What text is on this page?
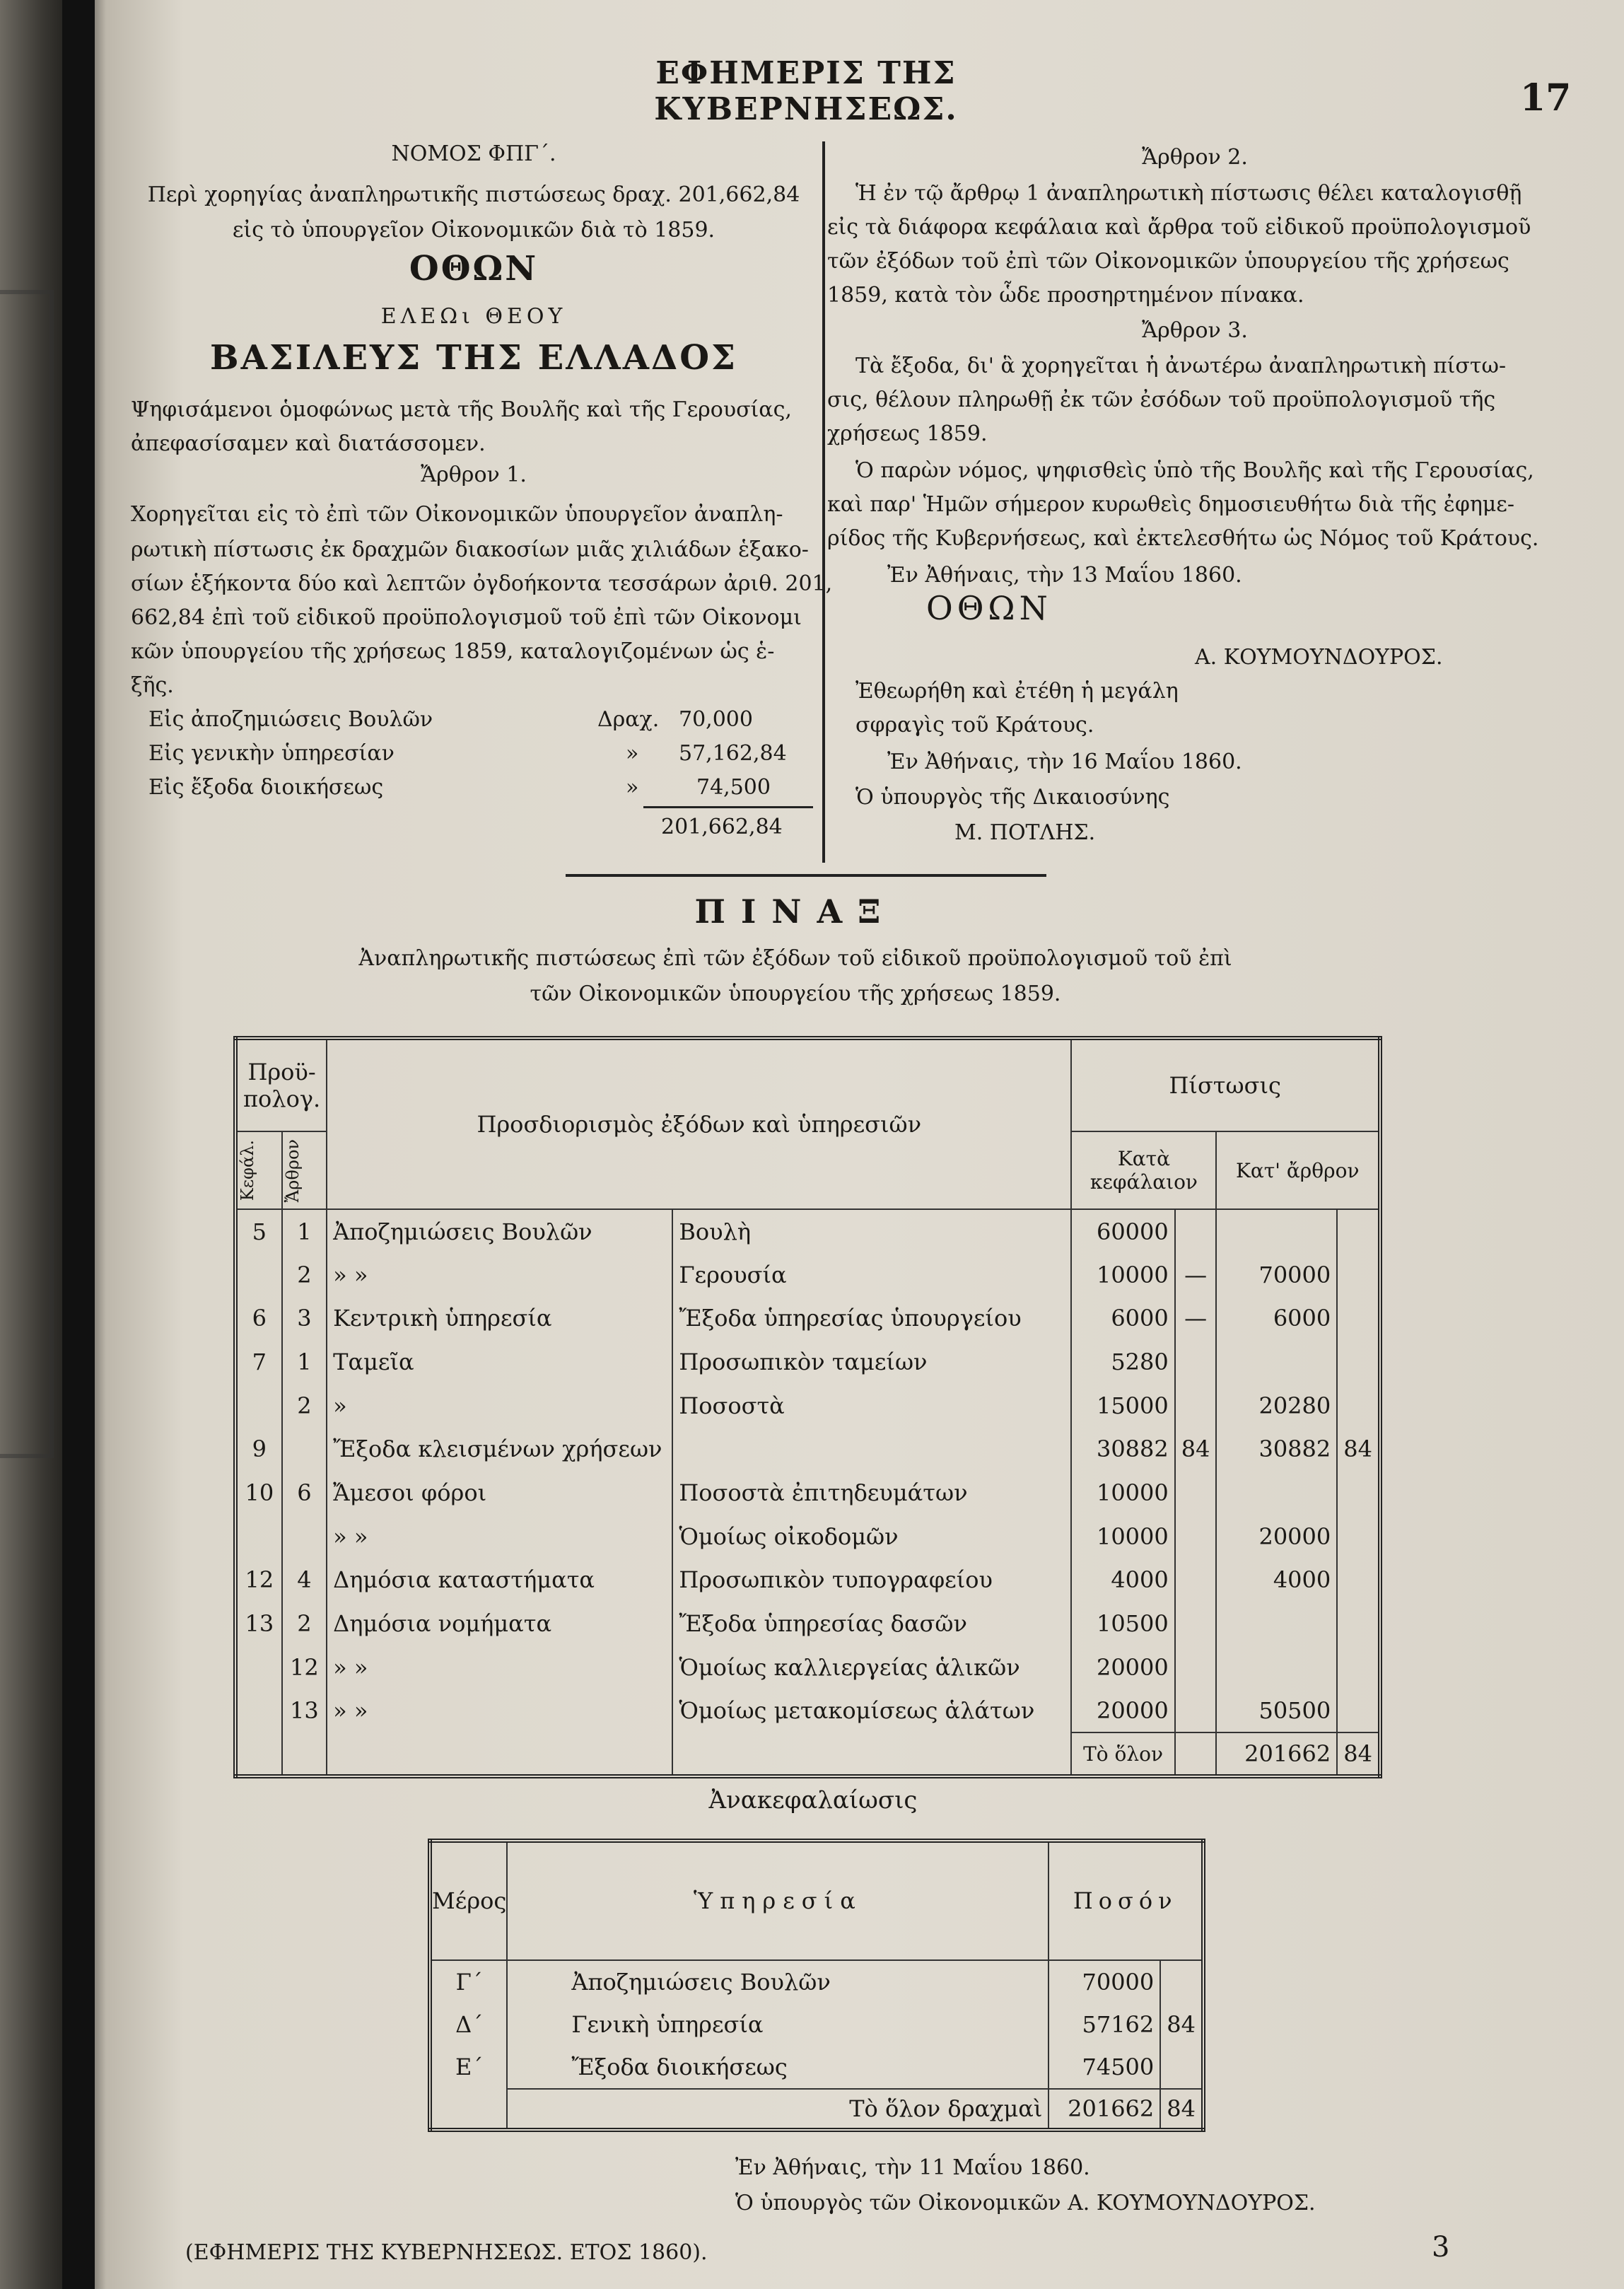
ΕΦΗΜΕΡΙΣ ΤΗΣ ΚΥΒΕΡΝΗΣΕΩΣ.	17
ΝΟΜΟΣ ΦΠΓ΄.
Περὶ χορηγίας ἀναπληρωτικῆς πιστώσεως δραχ. 201,662,84
εἰς τὸ ὑπουργεῖον Οἰκονομικῶν διὰ τὸ 1859.
ΟΘΩΝ
ΕΛΕΩι ΘΕΟΥ
ΒΑΣΙΛΕΥΣ ΤΗΣ ΕΛΛΑΔΟΣ
Ψηφισάμενοι ὁμοφώνως μετὰ τῆς Βουλῆς καὶ τῆς Γερουσίας,
ἀπεφασίσαμεν καὶ διατάσσομεν.
Ἄρθρον 1.
Χορηγεῖται εἰς τὸ ἐπὶ τῶν Οἰκονομικῶν ὑπουργεῖον ἀναπλη-
ρωτικὴ πίστωσις ἐκ δραχμῶν διακοσίων μιᾶς χιλιάδων ἑξακο-
σίων ἑξήκοντα δύο καὶ λεπτῶν ὀγδοήκοντα τεσσάρων ἀριθ. 201,
662,84 ἐπὶ τοῦ εἰδικοῦ προϋπολογισμοῦ τοῦ ἐπὶ τῶν Οἰκονομι
κῶν ὑπουργείου τῆς χρήσεως 1859, καταλογιζομένων ὡς ἑ-
ξῆς.
Εἰς ἀποζημιώσεις Βουλῶν	Δραχ. 70,000
Εἰς γενικὴν ὑπηρεσίαν	» 57,162,84
Εἰς ἔξοδα διοικήσεως	»	74,500
201,662,84
Ἄρθρον 2.
Ἡ ἐν τῷ ἄρθρῳ 1 ἀναπληρωτικὴ πίστωσις θέλει καταλογισθῇ
εἰς τὰ διάφορα κεφάλαια καὶ ἄρθρα τοῦ εἰδικοῦ προϋπολογισμοῦ
τῶν ἐξόδων τοῦ ἐπὶ τῶν Οἰκονομικῶν ὑπουργείου τῆς χρήσεως
1859, κατὰ τὸν ὧδε προσηρτημένον πίνακα.
Ἄρθρον 3.
Τὰ ἔξοδα, δι' ἃ χορηγεῖται ἡ ἀνωτέρω ἀναπληρωτικὴ πίστω-
σις, θέλουν πληρωθῇ ἐκ τῶν ἐσόδων τοῦ προϋπολογισμοῦ τῆς
χρήσεως 1859.
Ὁ παρὼν νόμος, ψηφισθεὶς ὑπὸ τῆς Βουλῆς καὶ τῆς Γερουσίας,
καὶ παρ' Ἡμῶν σήμερον κυρωθεὶς δημοσιευθήτω διὰ τῆς ἐφημε-
ρίδος τῆς Κυβερνήσεως, καὶ ἐκτελεσθήτω ὡς Νόμος τοῦ Κράτους.
Ἐν Ἀθήναις, τὴν 13 Μαΐου 1860.
ΟΘΩΝ
Α. ΚΟΥΜΟΥΝΔΟΥΡΟΣ.
Ἐθεωρήθη καὶ ἐτέθη ἡ μεγάλη
σφραγὶς τοῦ Κράτους.
Ἐν Ἀθήναις, τὴν 16 Μαΐου 1860.
Ὁ ὑπουργὸς τῆς Δικαιοσύνης
Μ. ΠΟΤΛΗΣ.
ΠΙΝΑΞ
Ἀναπληρωτικῆς πιστώσεως ἐπὶ τῶν ἐξόδων τοῦ εἰδικοῦ προϋπολογισμοῦ τοῦ ἐπὶ
τῶν Οἰκονομικῶν ὑπουργείου τῆς χρήσεως 1859.
Προϋ-πολογ.		Προσδιορισμὸς ἐξόδων καὶ ὑπηρεσιῶν		Πίστωσις			

Κεφάλ.	Ἄρθρον			Κατὰ κεφάλαιον		Κατ' ἄρθρον	
5	1	Ἀποζημιώσεις Βουλῶν	Βουλὴ	60000			
	2	» »	Γερουσία	10000	—	70000	
6	3	Κεντρικὴ ὑπηρεσία	Ἔξοδα ὑπηρεσίας ὑπουργείου	6000	—	6000	
7	1	Ταμεῖα	Προσωπικὸν ταμείων	5280			
	2	»	Ποσοστὰ	15000		20280	
9		Ἔξοδα κλεισμένων χρήσεων		30882	84	30882	84
10	6	Ἄμεσοι φόροι	Ποσοστὰ ἐπιτηδευμάτων	10000			
		» »	Ὁμοίως οἰκοδομῶν	10000		20000	
12	4	Δημόσια καταστήματα	Προσωπικὸν τυπογραφείου	4000		4000	
13	2	Δημόσια νομήματα	Ἔξοδα ὑπηρεσίας δασῶν	10500			
	12	» »	Ὁμοίως καλλιεργείας ἁλικῶν	20000			
	13	» »	Ὁμοίως μετακομίσεως ἁλάτων	20000		50500	
				Τὸ ὅλον		201662	84
Ἀνακεφαλαίωσις
Μέρος	Ὑπηρεσία	Ποσόν	
Γ΄	Ἀποζημιώσεις Βουλῶν	70000	
Δ΄	Γενικὴ ὑπηρεσία	57162	84
Ε΄	Ἔξοδα διοικήσεως	74500	
	Τὸ ὅλον δραχμαὶ	201662	84
Ἐν Ἀθήναις, τὴν 11 Μαΐου 1860.
Ὁ ὑπουργὸς τῶν Οἰκονομικῶν Α. ΚΟΥΜΟΥΝΔΟΥΡΟΣ.
(ΕΦΗΜΕΡΙΣ ΤΗΣ ΚΥΒΕΡΝΗΣΕΩΣ. ΕΤΟΣ 1860).	3
